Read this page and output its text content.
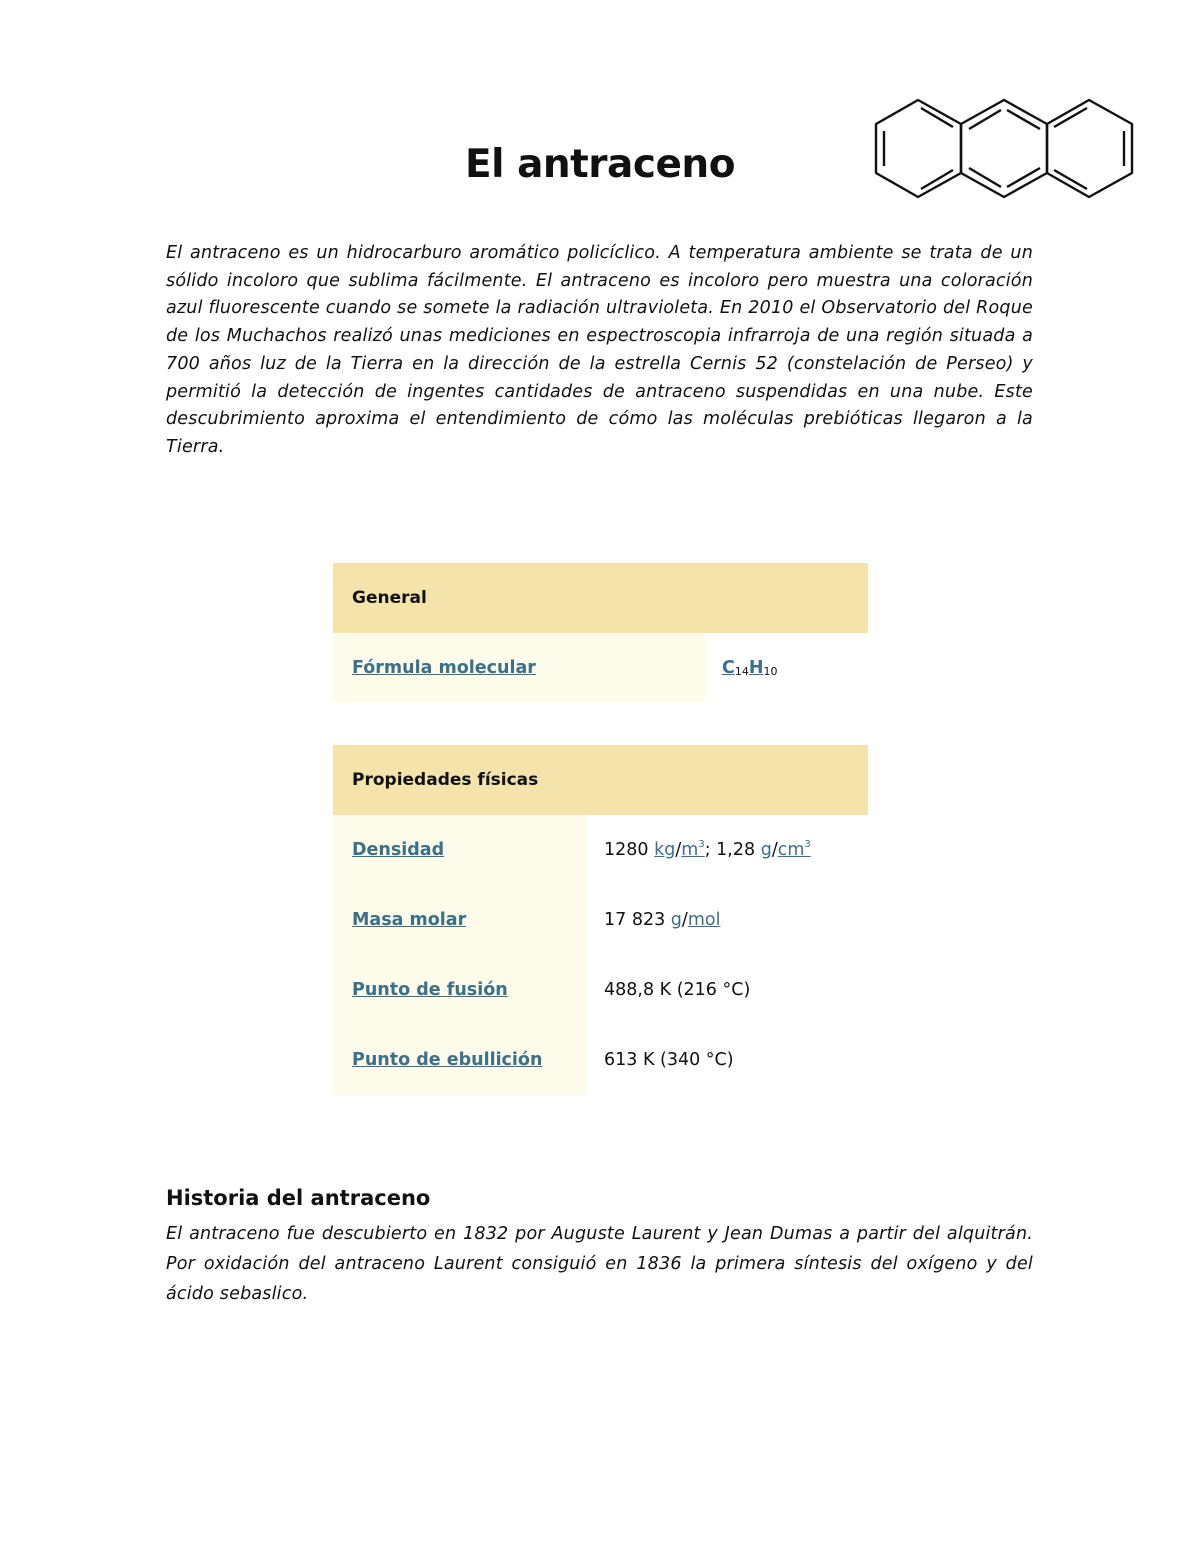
El antraceno

El antraceno es un hidrocarburo aromático policíclico. A temperatura ambiente se trata de un sólido incoloro que sublima fácilmente. El antraceno es incoloro pero muestra una coloración azul fluorescente cuando se somete la radiación ultravioleta. En 2010 el Observatorio del Roque de los Muchachos realizó unas mediciones en espectroscopia infrarroja de una región situada a 700 años luz de la Tierra en la dirección de la estrella Cernis 52 (constelación de Perseo) y permitió la detección de ingentes cantidades de antraceno suspendidas en una nube. Este descubrimiento aproxima el entendimiento de cómo las moléculas prebióticas llegaron a la Tierra.

General
Fórmula molecular	C 14 H 10
Propiedades físicas
Densidad	1280 kg / $m^3$ ; 1,28 g / $cm^3$
Masa molar	17 823 g / mol
Punto de fusión	488,8 K (216 °C)
Punto de ebullición	613 K (340 °C)
Historia del antraceno

El antraceno fue descubierto en 1832 por Auguste Laurent y Jean Dumas a partir del alquitrán. Por oxidación del antraceno Laurent consiguió en 1836 la primera síntesis del oxígeno y del ácido sebaslico.
